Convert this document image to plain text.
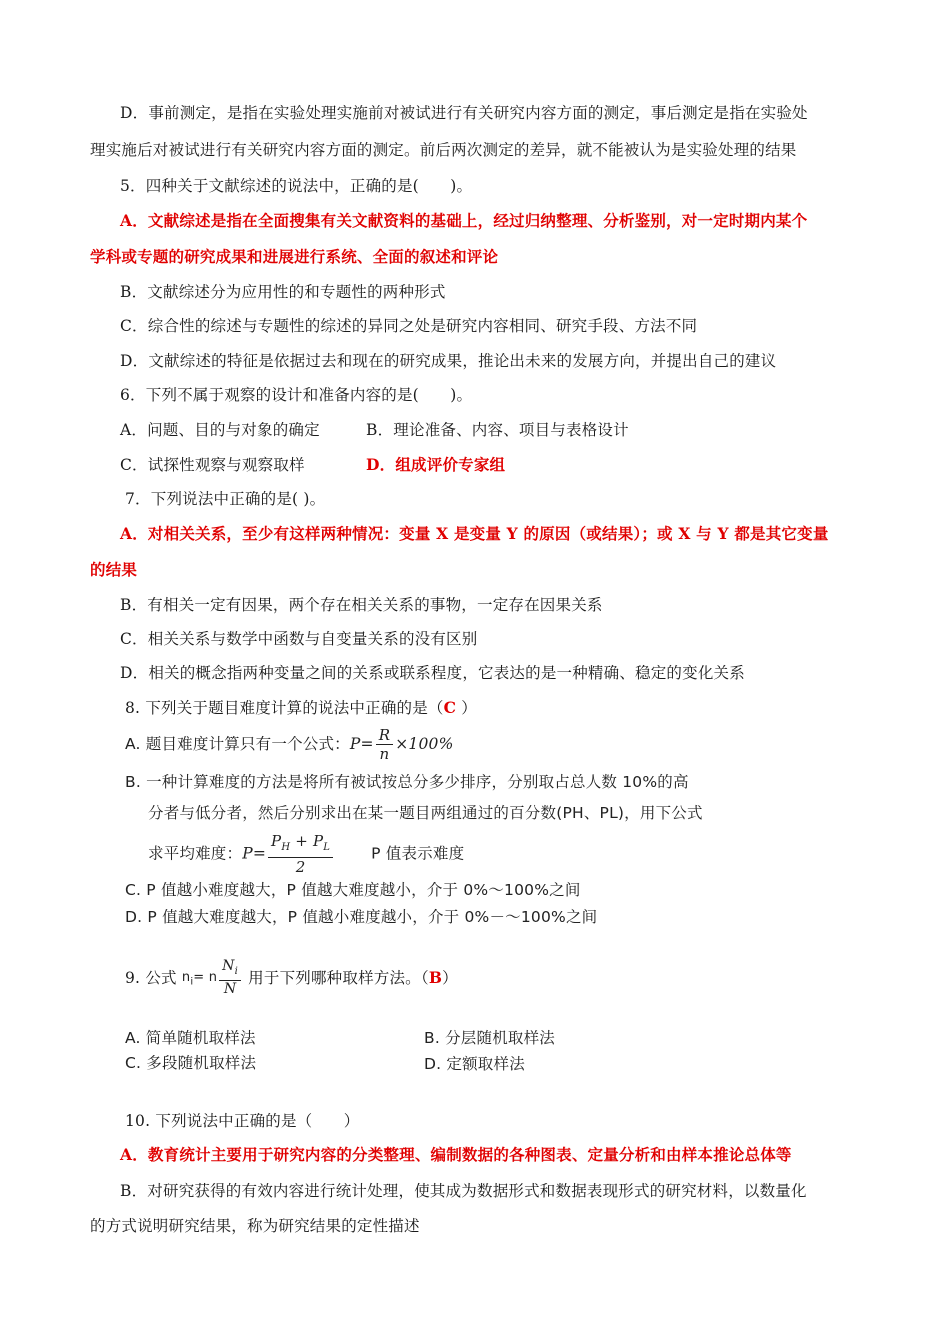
D．事前测定，是指在实验处理实施前对被试进行有关研究内容方面的测定，事后测定是指在实验处
理实施后对被试进行有关研究内容方面的测定。前后两次测定的差异，就不能被认为是实验处理的结果
5．四种关于文献综述的说法中，正确的是(　　)。
A．文献综述是指在全面搜集有关文献资料的基础上，经过归纳整理、分析鉴别，对一定时期内某个
学科或专题的研究成果和进展进行系统、全面的叙述和评论
B．文献综述分为应用性的和专题性的两种形式
C．综合性的综述与专题性的综述的异同之处是研究内容相同、研究手段、方法不同
D．文献综述的特征是依据过去和现在的研究成果，推论出未来的发展方向，并提出自己的建议
6．下列不属于观察的设计和准备内容的是(　　)。
A．问题、目的与对象的确定	B．理论准备、内容、项目与表格设计
C．试探性观察与观察取样	D．组成评价专家组
7．下列说法中正确的是( )。
A．对相关关系，至少有这样两种情况：变量 X 是变量 Y 的原因（或结果）；或 X 与 Y 都是其它变量
的结果
B．有相关一定有因果，两个存在相关关系的事物，一定存在因果关系
C．相关关系与数学中函数与自变量关系的没有区别
D．相关的概念指两种变量之间的关系或联系程度，它表达的是一种精确、稳定的变化关系
8. 下列关于题目难度计算的说法中正确的是（C ）
A. 题目难度计算只有一个公式：$P= \frac{R}{n} \times 100\%$
B. 一种计算难度的方法是将所有被试按总分多少排序，分别取占总人数 10%的高
分者与低分者，然后分别求出在某一题目两组通过的百分数(PH、PL)，用下公式
求平均难度：$P= \frac{P_H + P_L}{2}$ P 值表示难度
C. P 值越小难度越大，P 值越大难度越小，介于 0%～100%之间
D. P 值越大难度越大，P 值越小难度越小，介于 0%－～100%之间
9. 公式 $^{n_i= n \frac{N_i}{N}}$ 用于下列哪种取样方法。（B）
A. 简单随机取样法	B. 分层随机取样法
C. 多段随机取样法	D. 定额取样法
10. 下列说法中正确的是（　　）
A．教育统计主要用于研究内容的分类整理、编制数据的各种图表、定量分析和由样本推论总体等
B．对研究获得的有效内容进行统计处理，使其成为数据形式和数据表现形式的研究材料，以数量化
的方式说明研究结果，称为研究结果的定性描述
